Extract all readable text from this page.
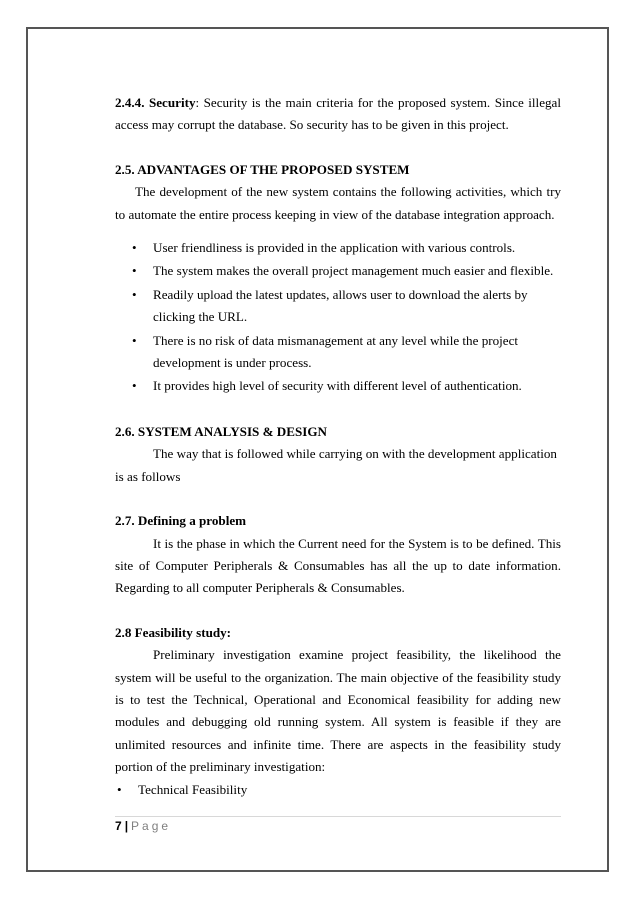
2.4.4. Security: Security is the main criteria for the proposed system. Since illegal access may corrupt the database. So security has to be given in this project.

2.5. ADVANTAGES OF THE PROPOSED SYSTEM

The development of the new system contains the following activities, which try to automate the entire process keeping in view of the database integration approach.

• User friendliness is provided in the application with various controls.
• The system makes the overall project management much easier and flexible.
• Readily upload the latest updates, allows user to download the alerts by clicking the URL.
• There is no risk of data mismanagement at any level while the project development is under process.
• It provides high level of security with different level of authentication.

2.6. SYSTEM ANALYSIS & DESIGN

The way that is followed while carrying on with the development application is as follows

2.7. Defining a problem

It is the phase in which the Current need for the System is to be defined. This site of Computer Peripherals & Consumables has all the up to date information. Regarding to all computer Peripherals & Consumables.

2.8 Feasibility study:

Preliminary investigation examine project feasibility, the likelihood the system will be useful to the organization. The main objective of the feasibility study is to test the Technical, Operational and Economical feasibility for adding new modules and debugging old running system. All system is feasible if they are unlimited resources and infinite time. There are aspects in the feasibility study portion of the preliminary investigation:

• Technical Feasibility
7 | Page
